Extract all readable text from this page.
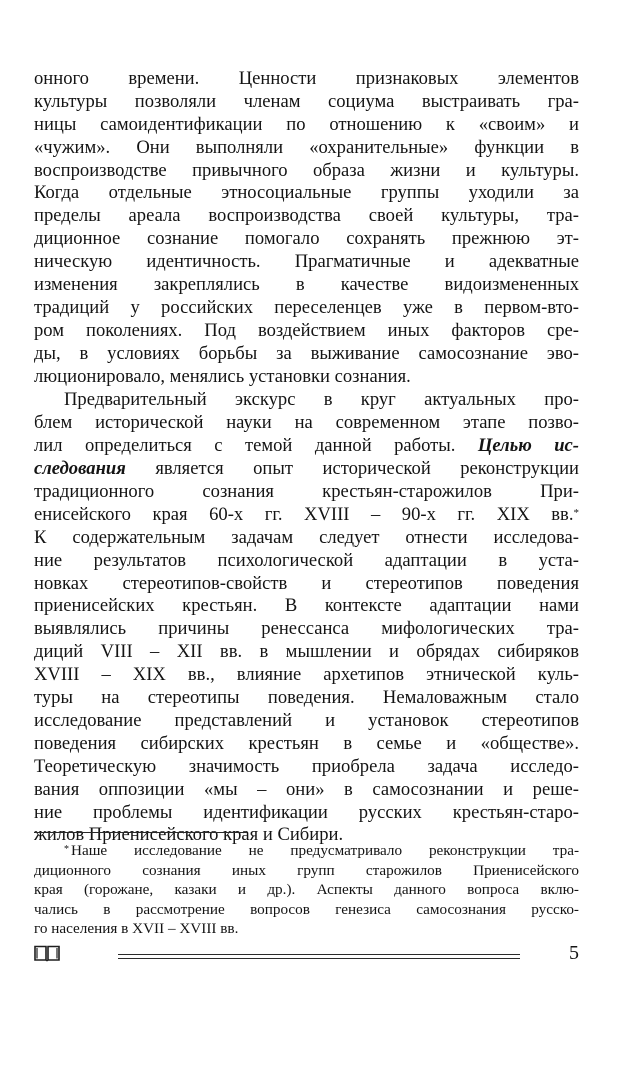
онного времени. Ценности признаковых элементов
культуры позволяли членам социума выстраивать гра-
ницы самоидентификации по отношению к «своим» и
«чужим». Они выполняли «охранительные» функции в
воспроизводстве привычного образа жизни и культуры.
Когда отдельные этносоциальные группы уходили за
пределы ареала воспроизводства своей культуры, тра-
диционное сознание помогало сохранять прежнюю эт-
ническую идентичность. Прагматичные и адекватные
изменения закреплялись в качестве видоизмененных
традиций у российских переселенцев уже в первом-вто-
ром поколениях. Под воздействием иных факторов сре-
ды, в условиях борьбы за выживание самосознание эво-
люционировало, менялись установки сознания.
Предварительный экскурс в круг актуальных про-
блем исторической науки на современном этапе позво-
лил определиться с темой данной работы. Целью ис-
следования является опыт исторической реконструкции
традиционного сознания крестьян-старожилов При-
енисейского края 60-х гг. XVIII – 90-х гг. XIX вв.*
К содержательным задачам следует отнести исследова-
ние результатов психологической адаптации в уста-
новках стереотипов-свойств и стереотипов поведения
приенисейских крестьян. В контексте адаптации нами
выявлялись причины ренессанса мифологических тра-
диций VIII – XII вв. в мышлении и обрядах сибиряков
XVIII – XIX вв., влияние архетипов этнической куль-
туры на стереотипы поведения. Немаловажным стало
исследование представлений и установок стереотипов
поведения сибирских крестьян в семье и «обществе».
Теоретическую значимость приобрела задача исследо-
вания оппозиции «мы – они» в самосознании и реше-
ние проблемы идентификации русских крестьян-старо-
жилов Приенисейского края и Сибири.
* Наше исследование не предусматривало реконструкции тра-
диционного сознания иных групп старожилов Приенисейского
края (горожане, казаки и др.). Аспекты данного вопроса вклю-
чались в рассмотрение вопросов генезиса самосознания русско-
го населения в XVII – XVIII вв.
5
